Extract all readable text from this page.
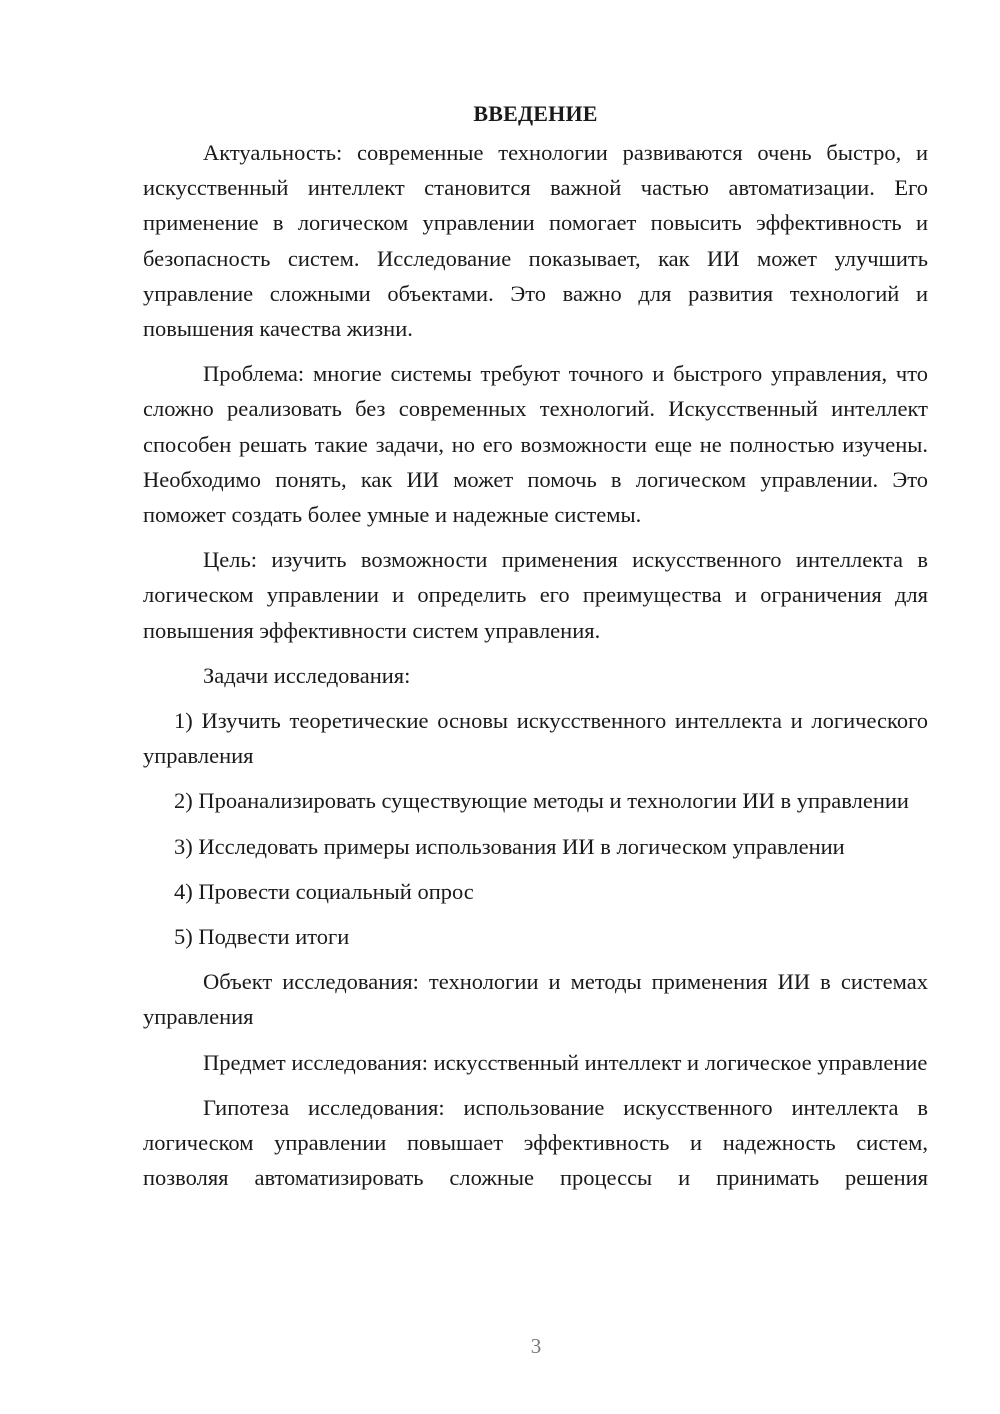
ВВЕДЕНИЕ

Актуальность: современные технологии развиваются очень быстро, и искусственный интеллект становится важной частью автоматизации. Его применение в логическом управлении помогает повысить эффективность и безопасность систем. Исследование показывает, как ИИ может улучшить управление сложными объектами. Это важно для развития технологий и повышения качества жизни.

Проблема: многие системы требуют точного и быстрого управления, что сложно реализовать без современных технологий. Искусственный интеллект способен решать такие задачи, но его возможности еще не полностью изучены. Необходимо понять, как ИИ может помочь в логическом управлении. Это поможет создать более умные и надежные системы.

Цель: изучить возможности применения искусственного интеллекта в логическом управлении и определить его преимущества и ограничения для повышения эффективности систем управления.

Задачи исследования:

1) Изучить теоретические основы искусственного интеллекта и логического управления

2) Проанализировать существующие методы и технологии ИИ в управлении

3) Исследовать примеры использования ИИ в логическом управлении

4) Провести социальный опрос

5) Подвести итоги

Объект исследования: технологии и методы применения ИИ в системах управления

Предмет исследования: искусственный интеллект и логическое управление

Гипотеза исследования: использование искусственного интеллекта в логическом управлении повышает эффективность и надежность систем, позволяя автоматизировать сложные процессы и принимать решения

3
